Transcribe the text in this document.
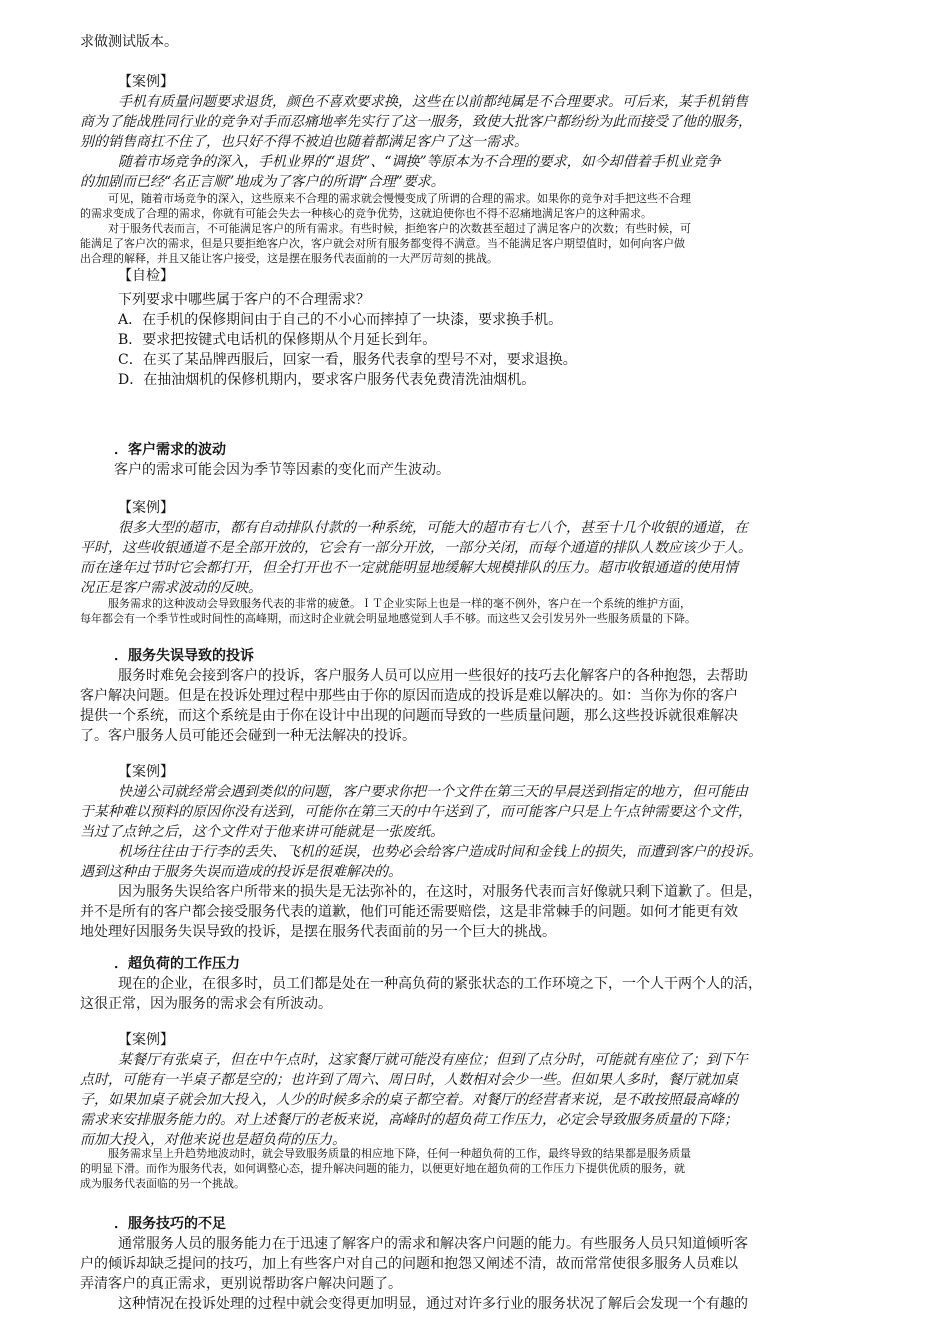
求做测试版本。
【案例】
手机有质量问题要求退货，颜色不喜欢要求换，这些在以前都纯属是不合理要求。可后来，某手机销售
商为了能战胜同行业的竞争对手而忍痛地率先实行了这一服务，致使大批客户都纷纷为此而接受了他的服务，
别的销售商扛不住了，也只好不得不被迫也随着都满足客户了这一需求。
随着市场竞争的深入，手机业界的“退货”、“调换”等原本为不合理的要求，如今却借着手机业竞争
的加剧而已经“名正言顺”地成为了客户的所谓“合理”要求。
可见，随着市场竞争的深入，这些原来不合理的需求就会慢慢变成了所谓的合理的需求。如果你的竞争对手把这些不合理
的需求变成了合理的需求，你就有可能会失去一种核心的竞争优势，这就迫使你也不得不忍痛地满足客户的这种需求。
对于服务代表而言，不可能满足客户的所有需求。有些时候，拒绝客户的次数甚至超过了满足客户的次数；有些时候，可
能满足了客户次的需求，但是只要拒绝客户次，客户就会对所有服务都变得不满意。当不能满足客户期望值时，如何向客户做
出合理的解释，并且又能让客户接受，这是摆在服务代表面前的一大严厉苛刻的挑战。
【自检】
下列要求中哪些属于客户的不合理需求？
A．在手机的保修期间由于自己的不小心而摔掉了一块漆，要求换手机。
B．要求把按键式电话机的保修期从个月延长到年。
C．在买了某品牌西服后，回家一看，服务代表拿的型号不对，要求退换。
D．在抽油烟机的保修机期内，要求客户服务代表免费清洗油烟机。
．客户需求的波动
客户的需求可能会因为季节等因素的变化而产生波动。
【案例】
很多大型的超市，都有自动排队付款的一种系统，可能大的超市有七八个，甚至十几个收银的通道，在
平时，这些收银通道不是全部开放的，它会有一部分开放，一部分关闭，而每个通道的排队人数应该少于人。
而在逢年过节时它会都打开，但全打开也不一定就能明显地缓解大规模排队的压力。超市收银通道的使用情
况正是客户需求波动的反映。
服务需求的这种波动会导致服务代表的非常的疲惫。ＩＴ企业实际上也是一样的毫不例外，客户在一个系统的维护方面，
每年都会有一个季节性或时间性的高峰期，而这时企业就会明显地感觉到人手不够。而这些又会引发另外一些服务质量的下降。
．服务失误导致的投诉
服务时难免会接到客户的投诉，客户服务人员可以应用一些很好的技巧去化解客户的各种抱怨，去帮助
客户解决问题。但是在投诉处理过程中那些由于你的原因而造成的投诉是难以解决的。如：当你为你的客户
提供一个系统，而这个系统是由于你在设计中出现的问题而导致的一些质量问题，那么这些投诉就很难解决
了。客户服务人员可能还会碰到一种无法解决的投诉。
【案例】
快递公司就经常会遇到类似的问题，客户要求你把一个文件在第三天的早晨送到指定的地方，但可能由
于某种难以预料的原因你没有送到，可能你在第三天的中午送到了，而可能客户只是上午点钟需要这个文件，
当过了点钟之后，这个文件对于他来讲可能就是一张废纸。
机场往往由于行李的丢失、飞机的延误，也势必会给客户造成时间和金钱上的损失，而遭到客户的投诉。
遇到这种由于服务失误而造成的投诉是很难解决的。
因为服务失误给客户所带来的损失是无法弥补的，在这时，对服务代表而言好像就只剩下道歉了。但是，
并不是所有的客户都会接受服务代表的道歉，他们可能还需要赔偿，这是非常棘手的问题。如何才能更有效
地处理好因服务失误导致的投诉，是摆在服务代表面前的另一个巨大的挑战。
．超负荷的工作压力
现在的企业，在很多时，员工们都是处在一种高负荷的紧张状态的工作环境之下，一个人干两个人的活，
这很正常，因为服务的需求会有所波动。
【案例】
某餐厅有张桌子，但在中午点时，这家餐厅就可能没有座位；但到了点分时，可能就有座位了；到下午
点时，可能有一半桌子都是空的；也许到了周六、周日时，人数相对会少一些。但如果人多时，餐厅就加桌
子，如果加桌子就会加大投入，人少的时候多余的桌子都空着。对餐厅的经营者来说，是不敢按照最高峰的
需求来安排服务能力的。对上述餐厅的老板来说，高峰时的超负荷工作压力，必定会导致服务质量的下降；
而加大投入，对他来说也是超负荷的压力。
服务需求呈上升趋势地波动时，就会导致服务质量的相应地下降，任何一种超负荷的工作，最终导致的结果都是服务质量
的明显下滑。而作为服务代表，如何调整心态，提升解决问题的能力，以便更好地在超负荷的工作压力下提供优质的服务，就
成为服务代表面临的另一个挑战。
．服务技巧的不足
通常服务人员的服务能力在于迅速了解客户的需求和解决客户问题的能力。有些服务人员只知道倾听客
户的倾诉却缺乏提问的技巧，加上有些客户对自己的问题和抱怨又阐述不清，故而常常使很多服务人员难以
弄清客户的真正需求，更别说帮助客户解决问题了。
这种情况在投诉处理的过程中就会变得更加明显，通过对许多行业的服务状况了解后会发现一个有趣的
